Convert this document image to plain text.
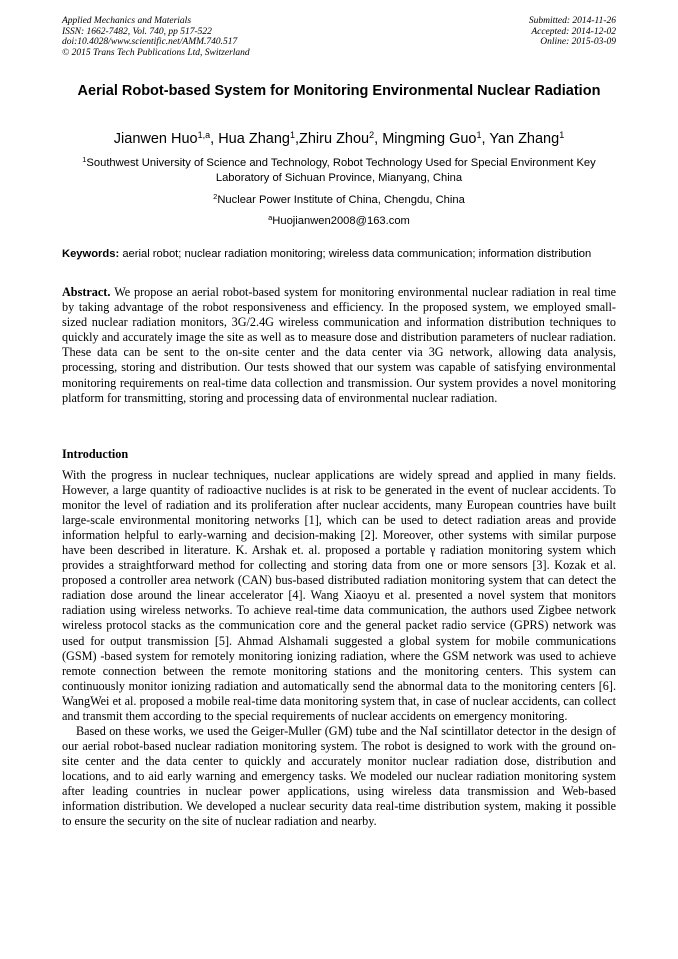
Applied Mechanics and Materials
ISSN: 1662-7482, Vol. 740, pp 517-522
doi:10.4028/www.scientific.net/AMM.740.517
© 2015 Trans Tech Publications Ltd, Switzerland
Submitted: 2014-11-26
Accepted: 2014-12-02
Online: 2015-03-09
Aerial Robot-based System for Monitoring Environmental Nuclear Radiation
Jianwen Huo$^{1,a}$, Hua Zhang$^1$,Zhiru Zhou$^2$, Mingming Guo$^1$, Yan Zhang$^1$
$^1$Southwest University of Science and Technology, Robot Technology Used for Special Environment Key Laboratory of Sichuan Province, Mianyang, China
$^2$Nuclear Power Institute of China, Chengdu, China
$^a$Huojianwen2008@163.com
Keywords: aerial robot; nuclear radiation monitoring; wireless data communication; information distribution
Abstract. We propose an aerial robot-based system for monitoring environmental nuclear radiation in real time by taking advantage of the robot responsiveness and efficiency. In the proposed system, we employed small-sized nuclear radiation monitors, 3G/2.4G wireless communication and information distribution techniques to quickly and accurately image the site as well as to measure dose and distribution parameters of nuclear radiation. These data can be sent to the on-site center and the data center via 3G network, allowing data analysis, processing, storing and distribution. Our tests showed that our system was capable of satisfying environmental monitoring requirements on real-time data collection and transmission. Our system provides a novel monitoring platform for transmitting, storing and processing data of environmental nuclear radiation.
Introduction

With the progress in nuclear techniques, nuclear applications are widely spread and applied in many fields. However, a large quantity of radioactive nuclides is at risk to be generated in the event of nuclear accidents. To monitor the level of radiation and its proliferation after nuclear accidents, many European countries have built large-scale environmental monitoring networks [1], which can be used to detect radiation areas and provide information helpful to early-warning and decision-making [2]. Moreover, other systems with similar purpose have been described in literature. K. Arshak et. al. proposed a portable γ radiation monitoring system which provides a straightforward method for collecting and storing data from one or more sensors [3]. Kozak et al. proposed a controller area network (CAN) bus-based distributed radiation monitoring system that can detect the radiation dose around the linear accelerator [4]. Wang Xiaoyu et al. presented a novel system that monitors radiation using wireless networks. To achieve real-time data communication, the authors used Zigbee network wireless protocol stacks as the communication core and the general packet radio service (GPRS) network was used for output transmission [5]. Ahmad Alshamali suggested a global system for mobile communications (GSM) -based system for remotely monitoring ionizing radiation, where the GSM network was used to achieve remote connection between the remote monitoring stations and the monitoring centers. This system can continuously monitor ionizing radiation and automatically send the abnormal data to the monitoring centers [6]. WangWei et al. proposed a mobile real-time data monitoring system that, in case of nuclear accidents, can collect and transmit them according to the special requirements of nuclear accidents on emergency monitoring.

Based on these works, we used the Geiger-Muller (GM) tube and the NaI scintillator detector in the design of our aerial robot-based nuclear radiation monitoring system. The robot is designed to work with the ground on-site center and the data center to quickly and accurately monitor nuclear radiation dose, distribution and locations, and to aid early warning and emergency tasks. We modeled our nuclear radiation monitoring system after leading countries in nuclear power applications, using wireless data transmission and Web-based information distribution. We developed a nuclear security data real-time distribution system, making it possible to ensure the security on the site of nuclear radiation and nearby.
